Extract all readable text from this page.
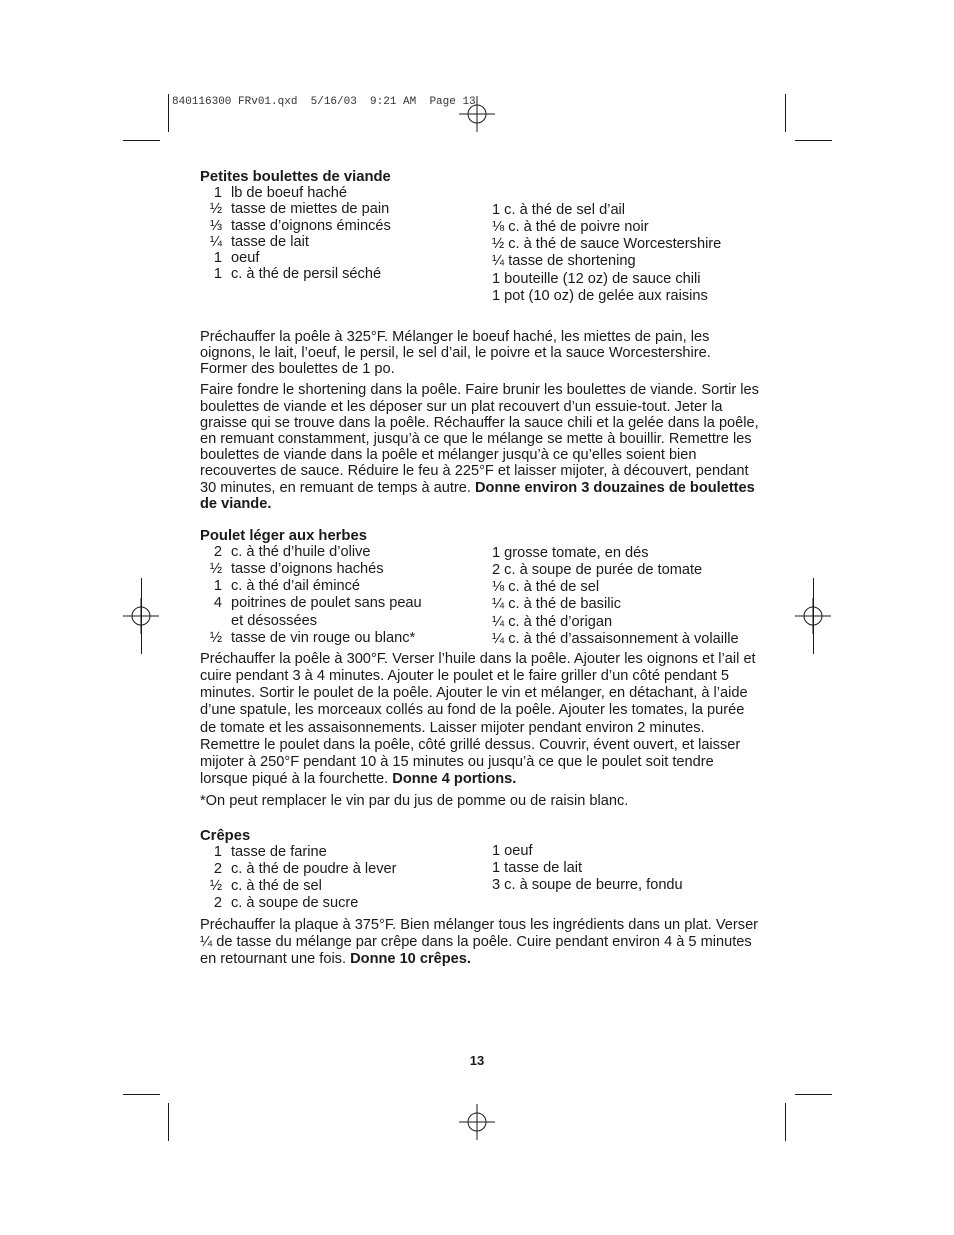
840116300 FRv01.qxd  5/16/03  9:21 AM  Page 13
Petites boulettes de viande
1 lb de boeuf haché
½ tasse de miettes de pain
⅓ tasse d’oignons émincés
¼ tasse de lait
1 oeuf
1 c. à thé de persil séché
1 c. à thé de sel d’ail
⅛ c. à thé de poivre noir
½ c. à thé de sauce Worcestershire
¼ tasse de shortening
1 bouteille (12 oz) de sauce chili
1 pot (10 oz) de gelée aux raisins

Préchauffer la poêle à 325°F. Mélanger le boeuf haché, les miettes de pain, les oignons, le lait, l’oeuf, le persil, le sel d’ail, le poivre et la sauce Worcestershire. Former des boulettes de 1 po.

Faire fondre le shortening dans la poêle. Faire brunir les boulettes de viande. Sortir les boulettes de viande et les déposer sur un plat recouvert d’un essuie-tout. Jeter la graisse qui se trouve dans la poêle. Réchauffer la sauce chili et la gelée dans la poêle, en remuant constamment, jusqu’à ce que le mélange se mette à bouillir. Remettre les boulettes de viande dans la poêle et mélanger jusqu’à ce qu’elles soient bien recouvertes de sauce. Réduire le feu à 225°F et laisser mijoter, à découvert, pendant 30 minutes, en remuant de temps à autre. Donne environ 3 douzaines de boulettes de viande.

Poulet léger aux herbes
2 c. à thé d’huile d’olive
½ tasse d’oignons hachés
1 c. à thé d’ail émincé
4 poitrines de poulet sans peau
et désossées
½ tasse de vin rouge ou blanc*
1 grosse tomate, en dés
2 c. à soupe de purée de tomate
⅛ c. à thé de sel
¼ c. à thé de basilic
¼ c. à thé d’origan
¼ c. à thé d’assaisonnement à volaille

Préchauffer la poêle à 300°F. Verser l’huile dans la poêle. Ajouter les oignons et l’ail et cuire pendant 3 à 4 minutes. Ajouter le poulet et le faire griller d’un côté pendant 5 minutes. Sortir le poulet de la poêle. Ajouter le vin et mélanger, en détachant, à l’aide d’une spatule, les morceaux collés au fond de la poêle. Ajouter les tomates, la purée de tomate et les assaisonnements. Laisser mijoter pendant environ 2 minutes. Remettre le poulet dans la poêle, côté grillé dessus. Couvrir, évent ouvert, et laisser mijoter à 250°F pendant 10 à 15 minutes ou jusqu’à ce que le poulet soit tendre lorsque piqué à la fourchette. Donne 4 portions.

*On peut remplacer le vin par du jus de pomme ou de raisin blanc.

Crêpes
1 tasse de farine
2 c. à thé de poudre à lever
½ c. à thé de sel
2 c. à soupe de sucre
1 oeuf
1 tasse de lait
3 c. à soupe de beurre, fondu

Préchauffer la plaque à 375°F. Bien mélanger tous les ingrédients dans un plat. Verser ¼ de tasse du mélange par crêpe dans la poêle. Cuire pendant environ 4 à 5 minutes en retournant une fois. Donne 10 crêpes.

13
